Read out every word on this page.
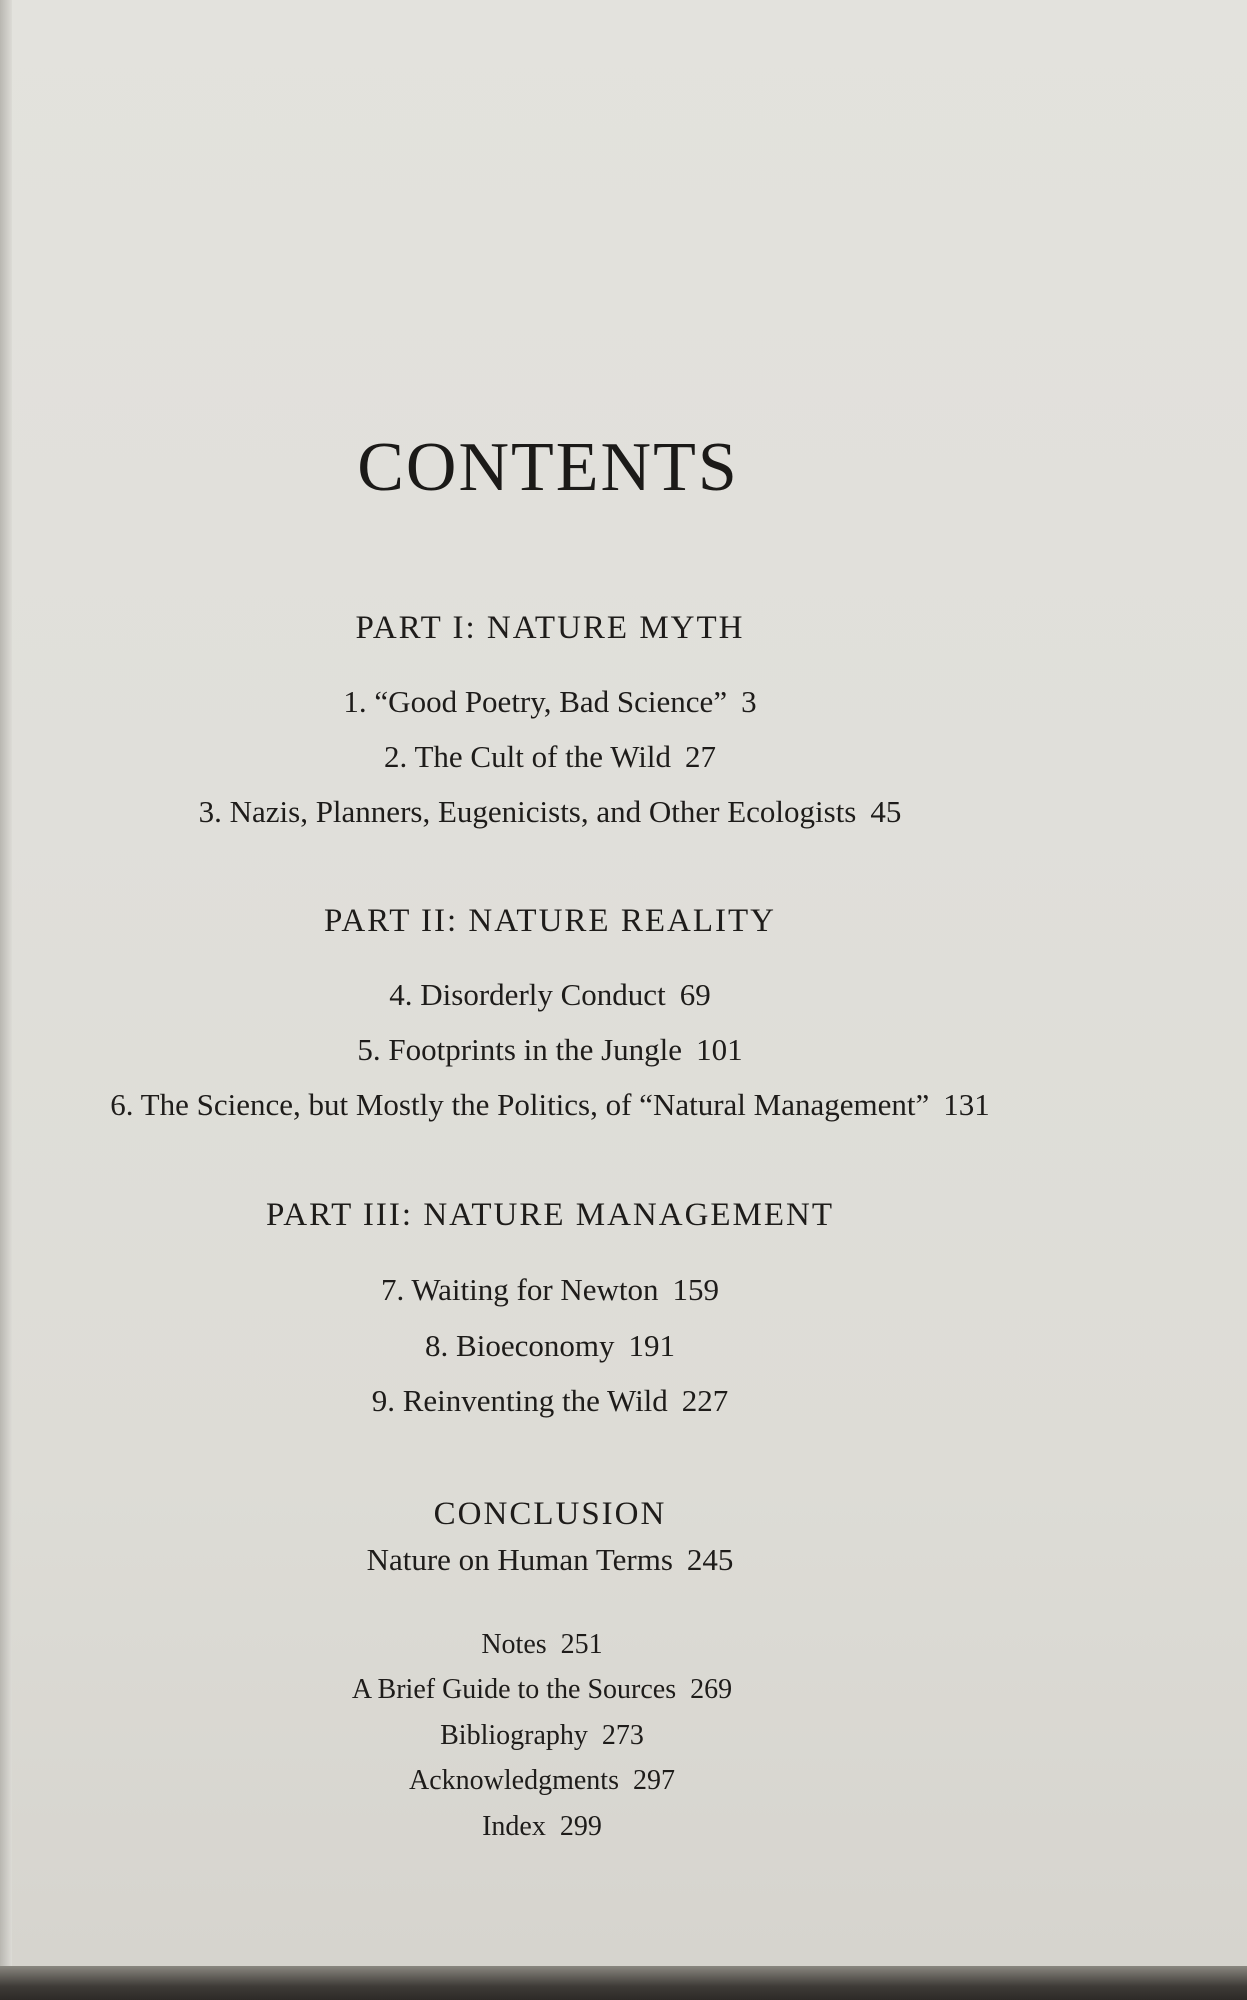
CONTENTS
PART I: NATURE MYTH
1. “Good Poetry, Bad Science” 3
2. The Cult of the Wild 27
3. Nazis, Planners, Eugenicists, and Other Ecologists 45
PART II: NATURE REALITY
4. Disorderly Conduct 69
5. Footprints in the Jungle 101
6. The Science, but Mostly the Politics, of “Natural Management” 131
PART III: NATURE MANAGEMENT
7. Waiting for Newton 159
8. Bioeconomy 191
9. Reinventing the Wild 227
CONCLUSION
Nature on Human Terms 245
Notes 251
A Brief Guide to the Sources 269
Bibliography 273
Acknowledgments 297
Index 299
